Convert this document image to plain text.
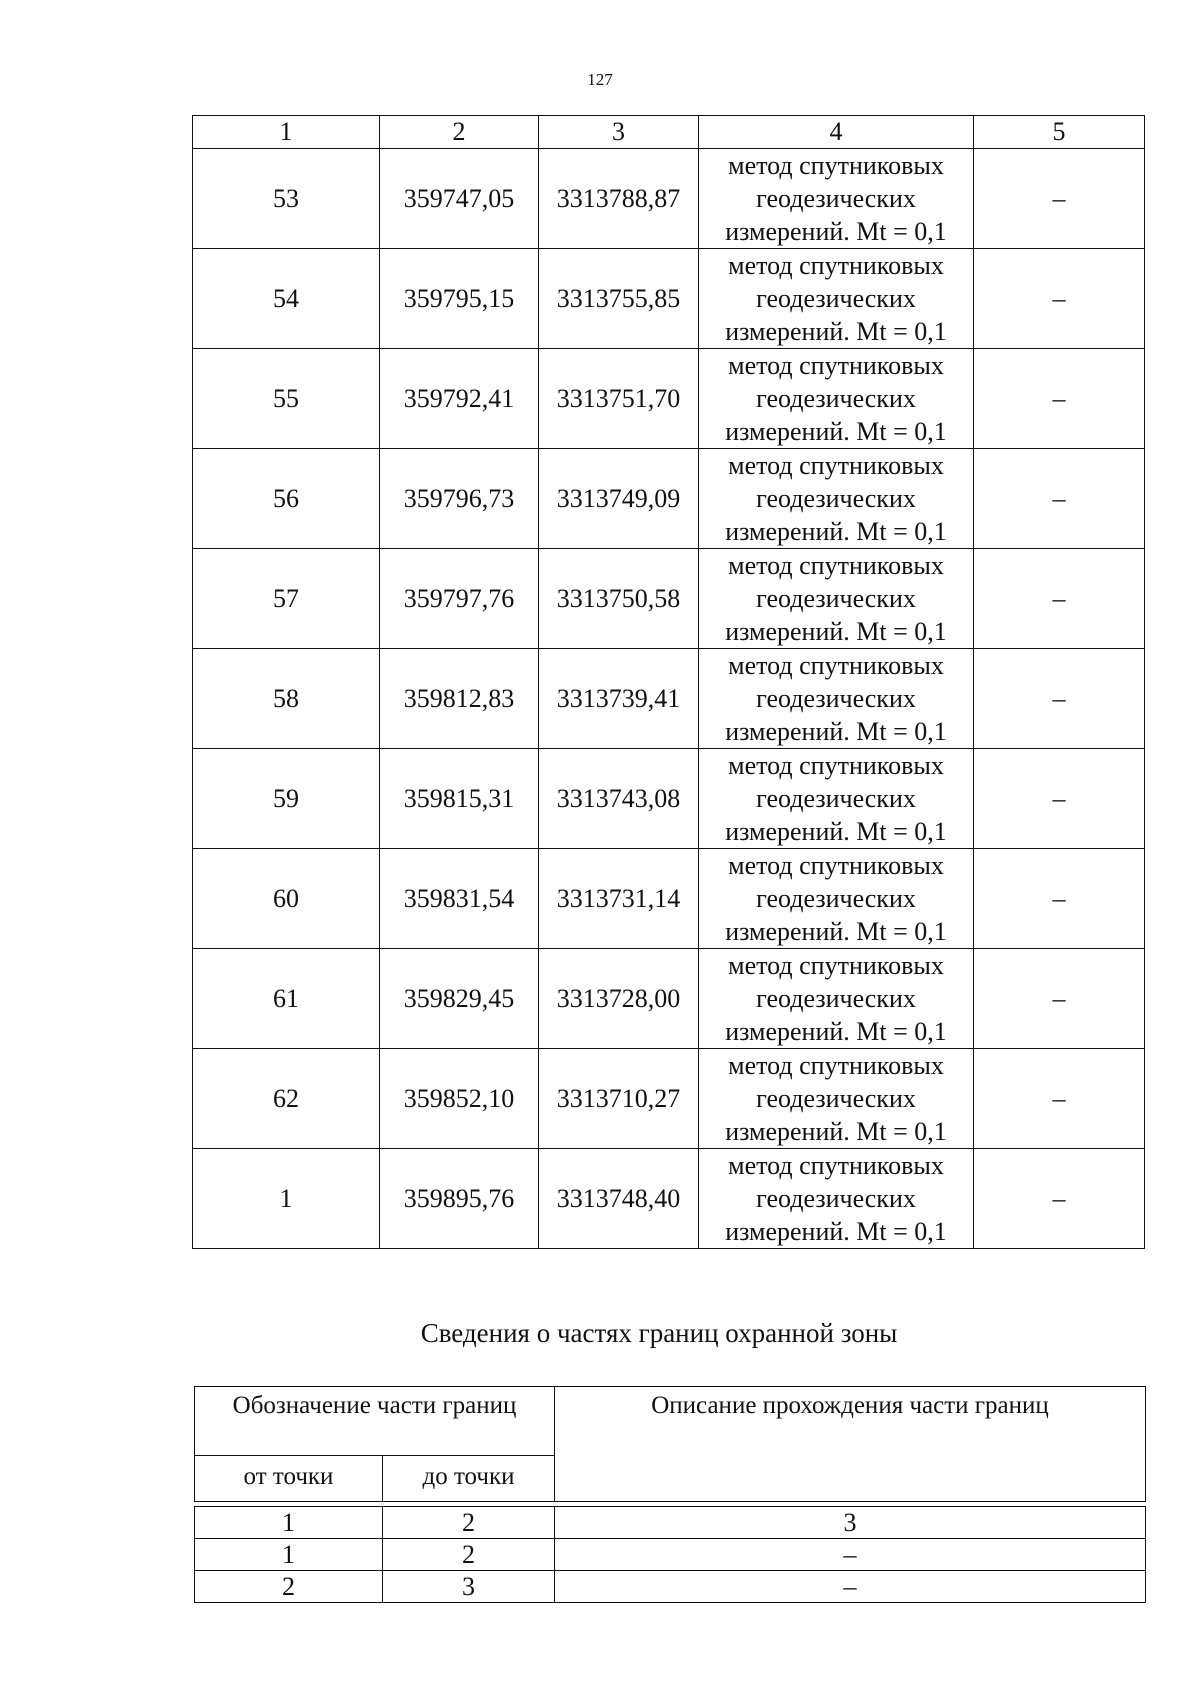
127
1	2	3	4	5
53	359747,05	3313788,87	метод спутниковых
геодезических
измерений. Mt = 0,1	–
54	359795,15	3313755,85	метод спутниковых
геодезических
измерений. Mt = 0,1	–
55	359792,41	3313751,70	метод спутниковых
геодезических
измерений. Mt = 0,1	–
56	359796,73	3313749,09	метод спутниковых
геодезических
измерений. Mt = 0,1	–
57	359797,76	3313750,58	метод спутниковых
геодезических
измерений. Mt = 0,1	–
58	359812,83	3313739,41	метод спутниковых
геодезических
измерений. Mt = 0,1	–
59	359815,31	3313743,08	метод спутниковых
геодезических
измерений. Mt = 0,1	–
60	359831,54	3313731,14	метод спутниковых
геодезических
измерений. Mt = 0,1	–
61	359829,45	3313728,00	метод спутниковых
геодезических
измерений. Mt = 0,1	–
62	359852,10	3313710,27	метод спутниковых
геодезических
измерений. Mt = 0,1	–
1	359895,76	3313748,40	метод спутниковых
геодезических
измерений. Mt = 0,1	–
Сведения о частях границ охранной зоны
Обозначение части границ		Описание прохождения части границ
от точки	до точки	
1	2	3
1	2	–
2	3	–
